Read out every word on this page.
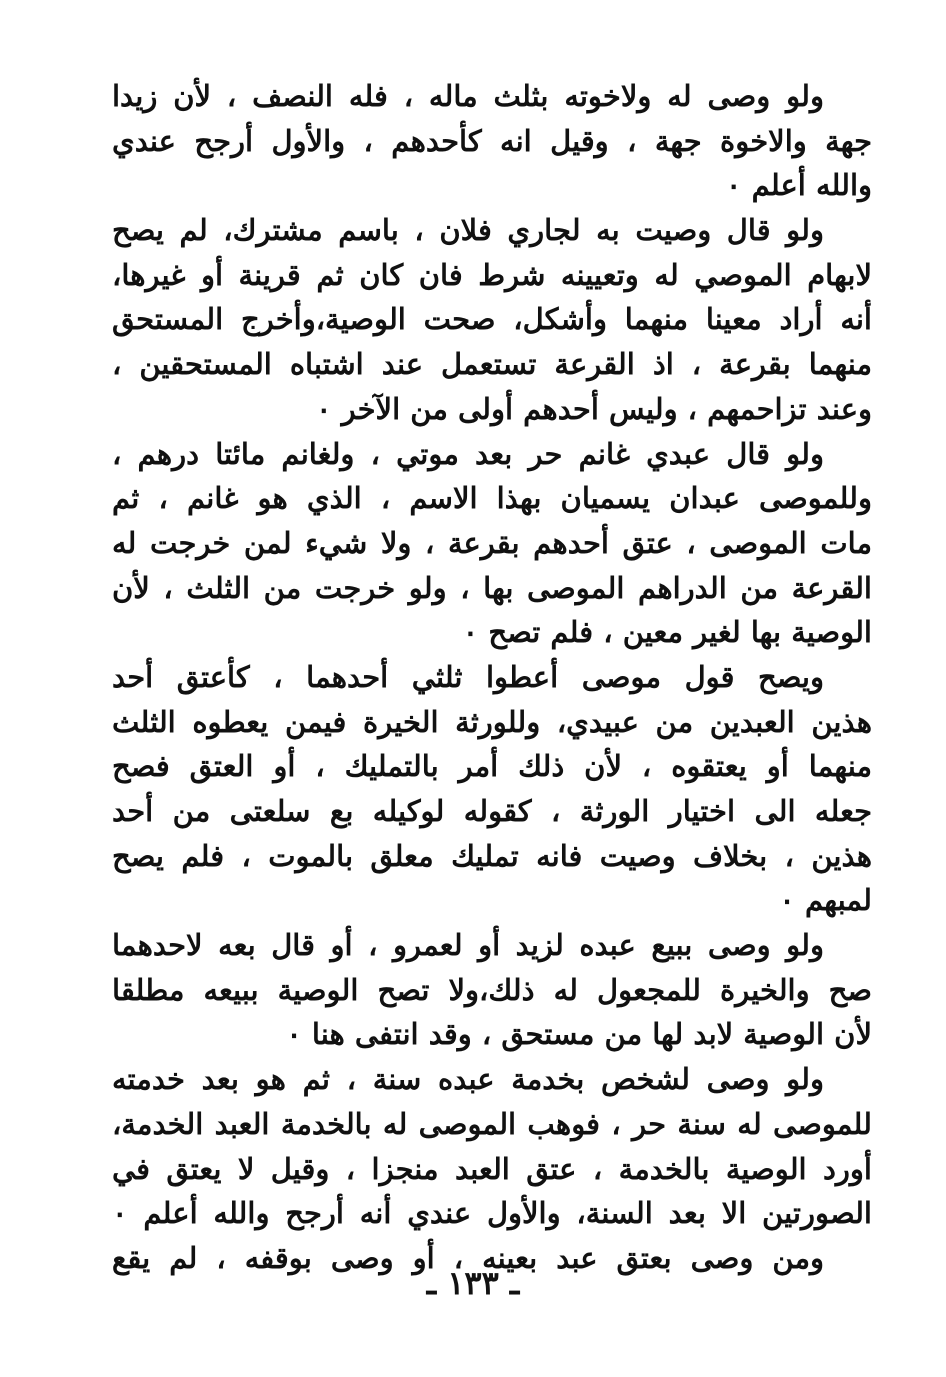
ولو وصى له ولاخوته بثلث ماله ، فله النصف ، لأن زيدا
جهة والاخوة جهة ، وقيل انه كأحدهم ، والأول أرجح عندي
والله أعلم ٠
ولو قال وصيت به لجاري فلان ، باسم مشترك، لم يصح
لابهام الموصي له وتعيينه شرط فان كان ثم قرينة أو غيرها،
أنه أراد معينا منهما وأشكل، صحت الوصية،وأخرج المستحق
منهما بقرعة ، اذ القرعة تستعمل عند اشتباه المستحقين ،
وعند تزاحمهم ، وليس أحدهم أولى من الآخر ٠
ولو قال عبدي غانم حر بعد موتي ، ولغانم مائتا درهم ،
وللموصى عبدان يسميان بهذا الاسم ، الذي هو غانم ، ثم
مات الموصى ، عتق أحدهم بقرعة ، ولا شيء لمن خرجت له
القرعة من الدراهم الموصى بها ، ولو خرجت من الثلث ، لأن
الوصية بها لغير معين ، فلم تصح ٠
ويصح قول موصى أعطوا ثلثي أحدهما ، كأعتق أحد
هذين العبدين من عبيدي، وللورثة الخيرة فيمن يعطوه الثلث
منهما أو يعتقوه ، لأن ذلك أمر بالتمليك ، أو العتق فصح
جعله الى اختيار الورثة ، كقوله لوكيله بع سلعتى من أحد
هذين ، بخلاف وصيت فانه تمليك معلق بالموت ، فلم يصح
لمبهم ٠
ولو وصى ببيع عبده لزيد أو لعمرو ، أو قال بعه لاحدهما
صح والخيرة للمجعول له ذلك،ولا تصح الوصية ببيعه مطلقا
لأن الوصية لابد لها من مستحق ، وقد انتفى هنا ٠
ولو وصى لشخص بخدمة عبده سنة ، ثم هو بعد خدمته
للموصى له سنة حر ، فوهب الموصى له بالخدمة العبد الخدمة،
أورد الوصية بالخدمة ، عتق العبد منجزا ، وقيل لا يعتق في
الصورتين الا بعد السنة، والأول عندي أنه أرجح والله أعلم ٠
ومن وصى بعتق عبد بعينه ، أو وصى بوقفه ، لم يقع
ـ ١٣٣ ـ
